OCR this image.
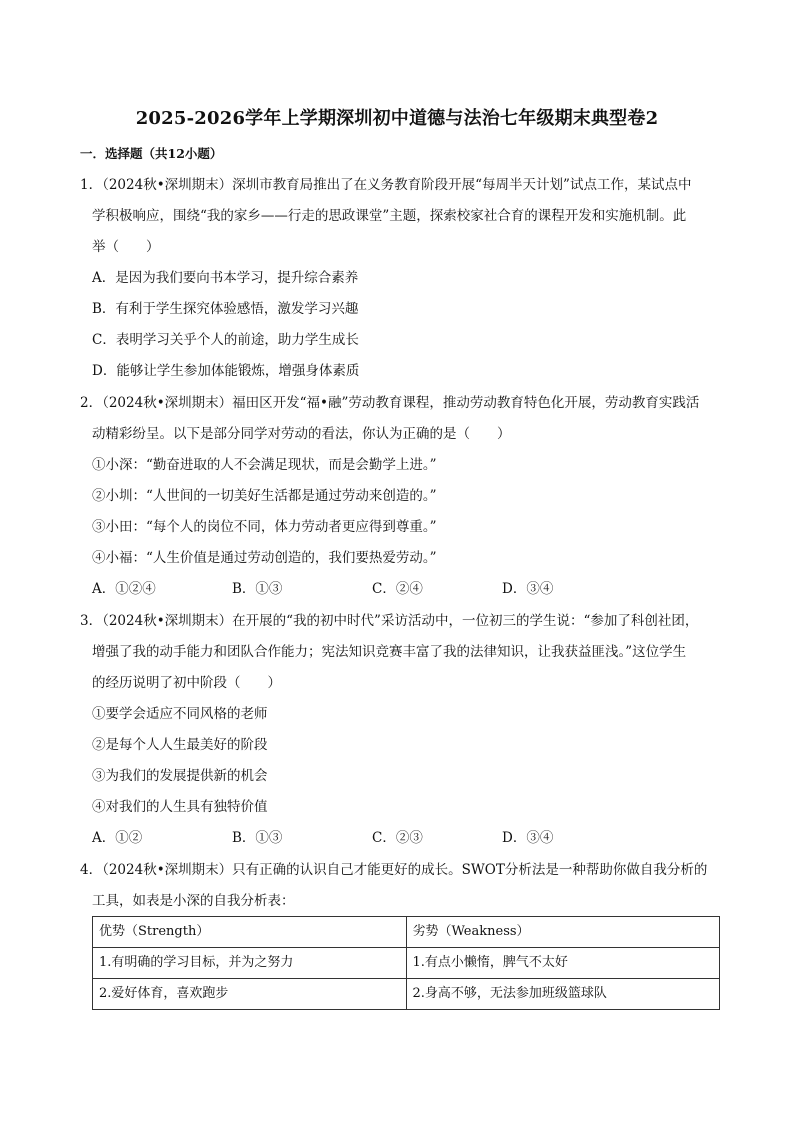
2025-2026学年上学期深圳初中道德与法治七年级期末典型卷2
一．选择题（共12小题）
1．（2024秋•深圳期末）深圳市教育局推出了在义务教育阶段开展“每周半天计划”试点工作，某试点中
学积极响应，围绕“我的家乡——行走的思政课堂”主题，探索校家社合育的课程开发和实施机制。此
举（　　）
A．是因为我们要向书本学习，提升综合素养
B．有利于学生探究体验感悟，激发学习兴趣
C．表明学习关乎个人的前途，助力学生成长
D．能够让学生参加体能锻炼，增强身体素质
2．（2024秋•深圳期末）福田区开发“福•融”劳动教育课程，推动劳动教育特色化开展，劳动教育实践活
动精彩纷呈。以下是部分同学对劳动的看法，你认为正确的是（　　）
①小深：“勤奋进取的人不会满足现状，而是会勤学上进。”
②小圳：“人世间的一切美好生活都是通过劳动来创造的。”
③小田：“每个人的岗位不同，体力劳动者更应得到尊重。”
④小福：“人生价值是通过劳动创造的，我们要热爱劳动。”
A．①②④	B．①③	C．②④	D．③④
3．（2024秋•深圳期末）在开展的“我的初中时代”采访活动中，一位初三的学生说：“参加了科创社团，
增强了我的动手能力和团队合作能力；宪法知识竞赛丰富了我的法律知识，让我获益匪浅。”这位学生
的经历说明了初中阶段（　　）
①要学会适应不同风格的老师
②是每个人人生最美好的阶段
③为我们的发展提供新的机会
④对我们的人生具有独特价值
A．①②	B．①③	C．②③	D．③④
4．（2024秋•深圳期末）只有正确的认识自己才能更好的成长。SWOT分析法是一种帮助你做自我分析的
工具，如表是小深的自我分析表：
优势（Strength）	劣势（Weakness）

1.有明确的学习目标，并为之努力	1.有点小懒惰，脾气不太好

2.爱好体育，喜欢跑步	2.身高不够，无法参加班级篮球队
